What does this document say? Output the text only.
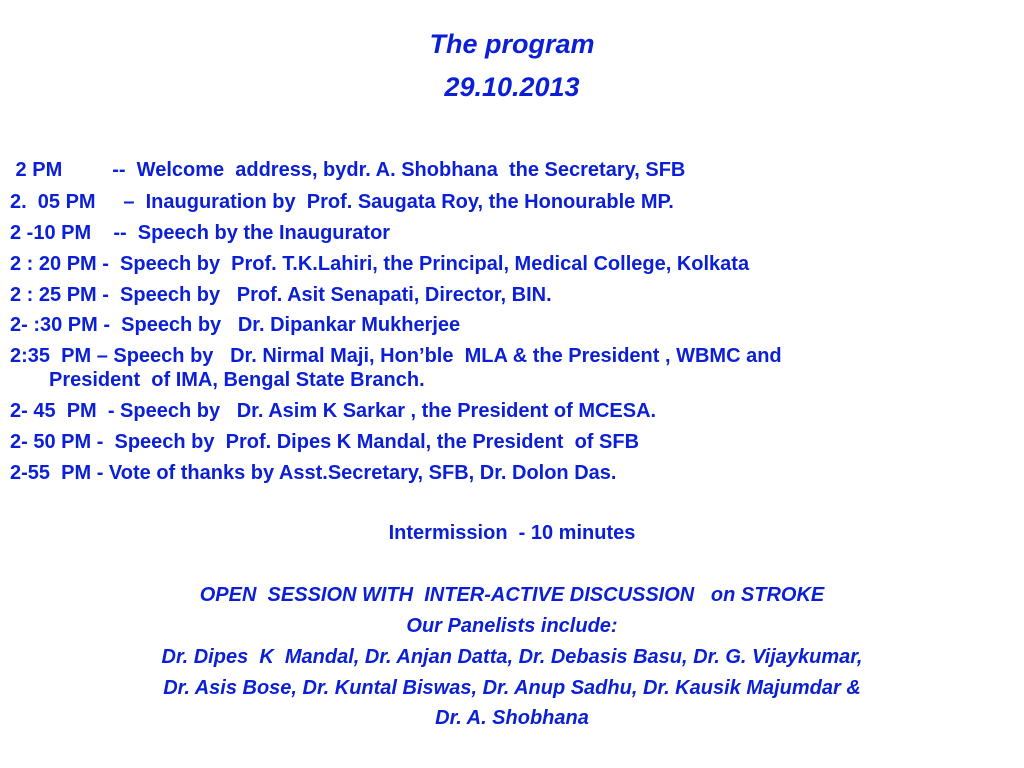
The program
29.10.2013
2 PM         --  Welcome  address, bydr. A. Shobhana  the Secretary, SFB
2.  05 PM     –  Inauguration by  Prof. Saugata Roy, the Honourable MP.
2 -10 PM    --  Speech by the Inaugurator
2 : 20 PM -  Speech by  Prof. T.K.Lahiri, the Principal, Medical College, Kolkata
2 : 25 PM -  Speech by   Prof. Asit Senapati, Director, BIN.
2- :30 PM -  Speech by   Dr. Dipankar Mukherjee
2:35  PM – Speech by   Dr. Nirmal Maji, Hon’ble  MLA & the President , WBMC and
President  of IMA, Bengal State Branch.
2- 45  PM  - Speech by   Dr. Asim K Sarkar , the President of MCESA.
2- 50 PM -  Speech by  Prof. Dipes K Mandal, the President  of SFB
2-55  PM - Vote of thanks by Asst.Secretary, SFB, Dr. Dolon Das.
Intermission  - 10 minutes
OPEN  SESSION WITH  INTER-ACTIVE DISCUSSION   on STROKE
Our Panelists include:
Dr. Dipes  K  Mandal, Dr. Anjan Datta, Dr. Debasis Basu, Dr. G. Vijaykumar,
Dr. Asis Bose, Dr. Kuntal Biswas, Dr. Anup Sadhu, Dr. Kausik Majumdar &
Dr. A. Shobhana
